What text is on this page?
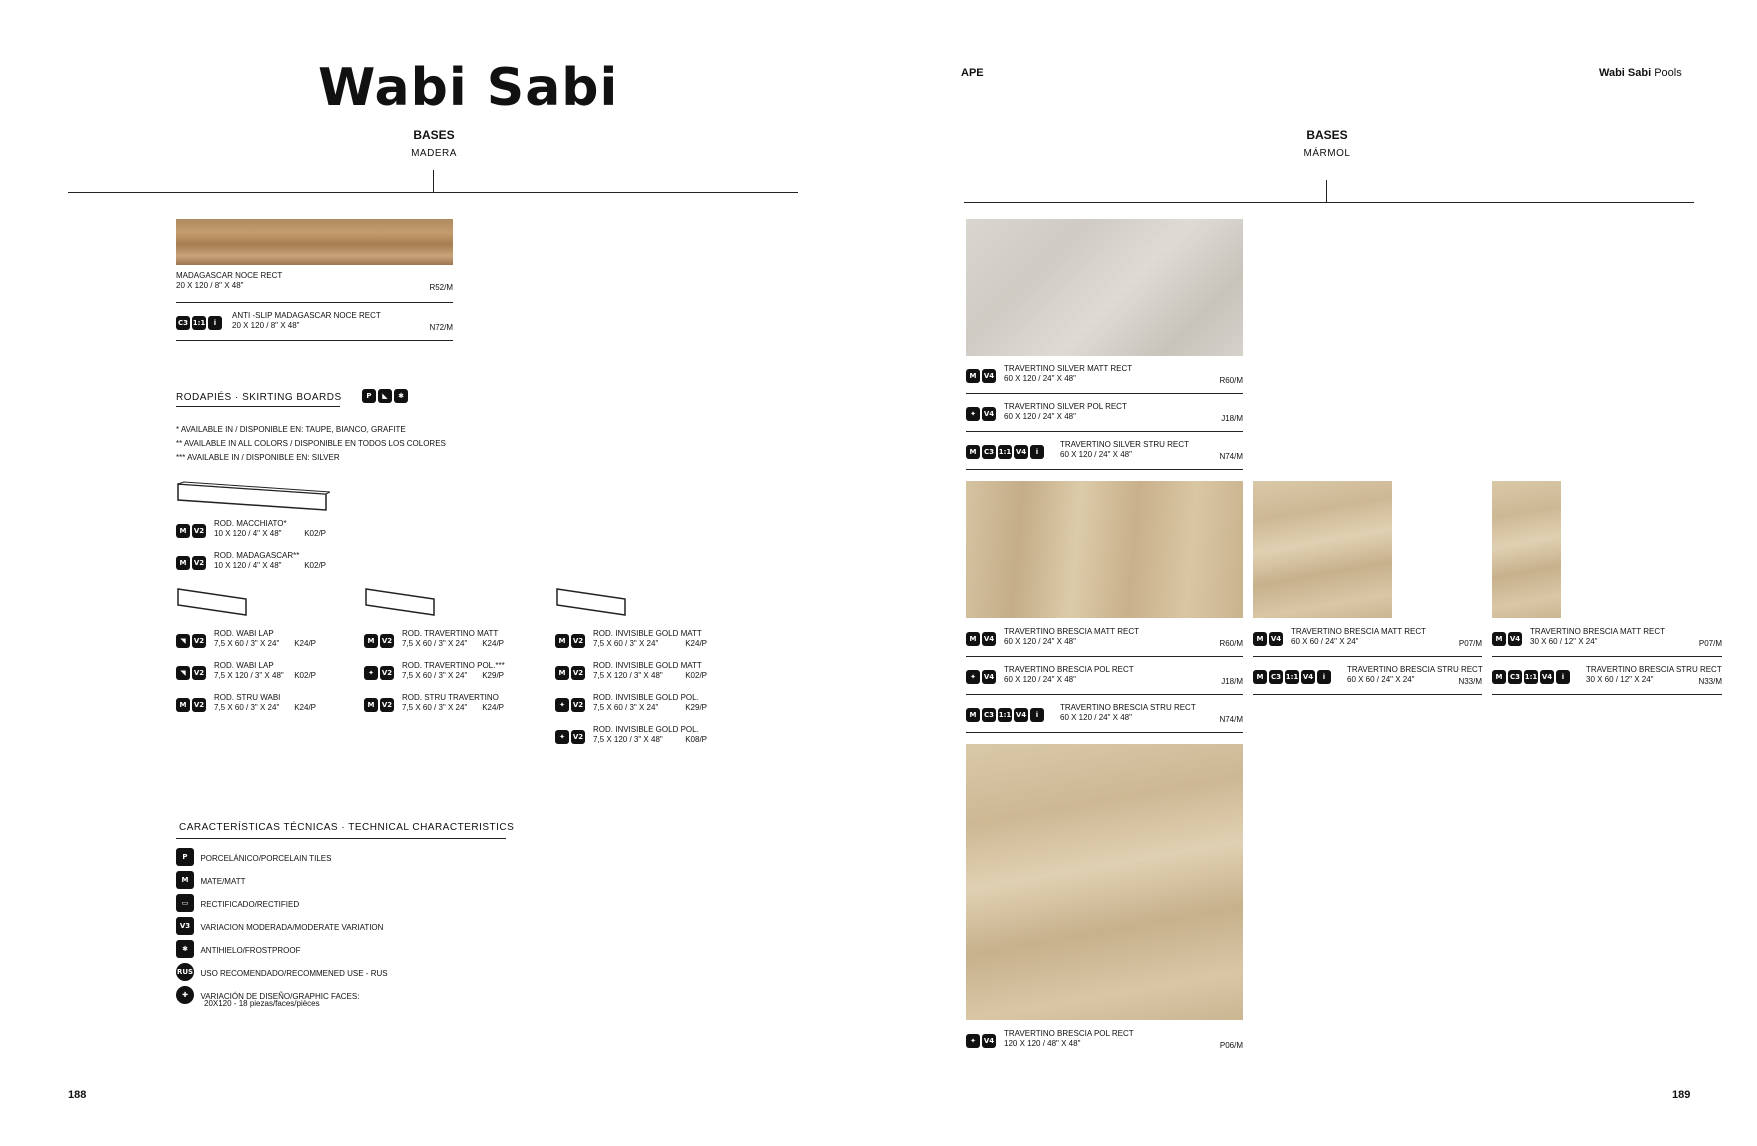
Wabi Sabi
BASES
MADERA
MADAGASCAR NOCE RECT
20 X 120 / 8" X 48"	R52/M
C3 1:1 i
ANTI -SLIP MADAGASCAR NOCE RECT
20 X 120 / 8" X 48"	N72/M
RODAPIÉS · SKIRTING BOARDS	P ◣ ✱
* AVAILABLE IN / DISPONIBLE EN: TAUPE, BIANCO, GRAFITE
** AVAILABLE IN ALL COLORS / DISPONIBLE EN TODOS LOS COLORES
*** AVAILABLE IN / DISPONIBLE EN: SILVER
M V2
ROD. MACCHIATO*
10 X 120 / 4" X 48"	K02/P
M V2
ROD. MADAGASCAR**
10 X 120 / 4" X 48"	K02/P
◥ V2
ROD. WABI LAP
7,5 X 60 / 3" X 24" K24/P
◥ V2
ROD. WABI LAP
7,5 X 120 / 3" X 48" K02/P
M V2
ROD. STRU WABI
7,5 X 60 / 3" X 24" K24/P
M V2
ROD. TRAVERTINO MATT
7,5 X 60 / 3" X 24" K24/P
✦ V2
ROD. TRAVERTINO POL.***
7,5 X 60 / 3" X 24" K29/P
M V2
ROD. STRU TRAVERTINO
7,5 X 60 / 3" X 24" K24/P
M V2
ROD. INVISIBLE GOLD MATT
7,5 X 60 / 3" X 24"	K24/P
M V2
ROD. INVISIBLE GOLD MATT
7,5 X 120 / 3" X 48"	K02/P
✦ V2
ROD. INVISIBLE GOLD POL.
7,5 X 60 / 3" X 24"	K29/P
✦ V2
ROD. INVISIBLE GOLD POL.
7,5 X 120 / 3" X 48"	K08/P
CARACTERÍSTICAS TÉCNICAS · TECHNICAL CHARACTERISTICS
P PORCELÁNICO/PORCELAIN TILES
M MATE/MATT
▭ RECTIFICADO/RECTIFIED
V3 VARIACION MODERADA/MODERATE VARIATION
✱ ANTIHIELO/FROSTPROOF
RUS USO RECOMENDADO/RECOMMENED USE - RUS
✚ VARIACIÓN DE DISEÑO/GRAPHIC FACES:
20X120 - 18 piezas/faces/pièces
188
APE	Wabi Sabi Pools
BASES
MÁRMOL
M V4
TRAVERTINO SILVER MATT RECT
60 X 120 / 24" X 48"	R60/M
✦ V4
TRAVERTINO SILVER POL RECT
60 X 120 / 24" X 48"	J18/M
M C3 1:1 V4 i
TRAVERTINO SILVER STRU RECT
60 X 120 / 24" X 48"	N74/M
M V4
TRAVERTINO BRESCIA MATT RECT
60 X 120 / 24" X 48"	R60/M
✦ V4
TRAVERTINO BRESCIA POL RECT
60 X 120 / 24" X 48"	J18/M
M C3 1:1 V4 i
TRAVERTINO BRESCIA STRU RECT
60 X 120 / 24" X 48"	N74/M
M V4
TRAVERTINO BRESCIA MATT RECT
60 X 60 / 24" X 24"	P07/M
M C3 1:1 V4 i
TRAVERTINO BRESCIA STRU RECT
60 X 60 / 24" X 24"	N33/M
M V4
TRAVERTINO BRESCIA MATT RECT
30 X 60 / 12" X 24"	P07/M
M C3 1:1 V4 i
TRAVERTINO BRESCIA STRU RECT
30 X 60 / 12" X 24"	N33/M
✦ V4
TRAVERTINO BRESCIA POL RECT
120 X 120 / 48" X 48"	P06/M
189
